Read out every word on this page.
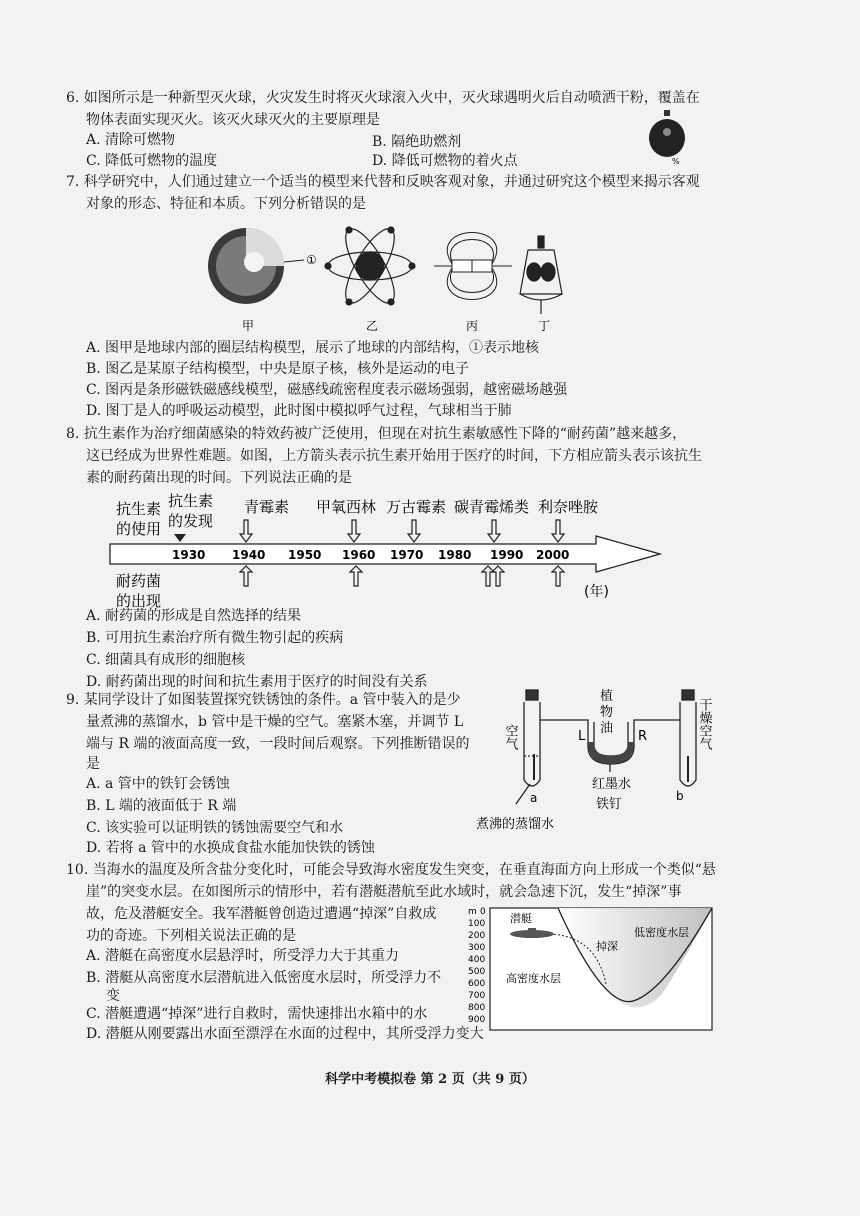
6. 如图所示是一种新型灭火球，火灾发生时将灭火球滚入火中，灭火球遇明火后自动喷洒干粉，覆盖在
物体表面实现灭火。该灭火球灭火的主要原理是
A. 清除可燃物	B. 隔绝助燃剂
C. 降低可燃物的温度	D. 降低可燃物的着火点	%
7. 科学研究中，人们通过建立一个适当的模型来代替和反映客观对象，并通过研究这个模型来揭示客观
对象的形态、特征和本质。下列分析错误的是
①
甲	乙	丙	丁
A. 图甲是地球内部的圈层结构模型，展示了地球的内部结构，①表示地核
B. 图乙是某原子结构模型，中央是原子核，核外是运动的电子
C. 图丙是条形磁铁磁感线模型，磁感线疏密程度表示磁场强弱，越密磁场越强
D. 图丁是人的呼吸运动模型，此时图中模拟呼气过程，气球相当于肺
8. 抗生素作为治疗细菌感染的特效药被广泛使用，但现在对抗生素敏感性下降的“耐药菌”越来越多，
这已经成为世界性难题。如图，上方箭头表示抗生素开始用于医疗的时间，下方相应箭头表示该抗生
素的耐药菌出现的时间。下列说法正确的是
抗生素
的使用
抗生素
的发现
1930 1940 1950 1960 1970 1980 1990 2000
青霉素 甲氧西林 万古霉素 碳青霉烯类 利奈唑胺
耐药菌
的出现	(年)
A. 耐药菌的形成是自然选择的结果
B. 可用抗生素治疗所有微生物引起的疾病
C. 细菌具有成形的细胞核
D. 耐药菌出现的时间和抗生素用于医疗的时间没有关系
9. 某同学设计了如图装置探究铁锈蚀的条件。a 管中装入的是少
量煮沸的蒸馏水，b 管中是干燥的空气。塞紧木塞，并调节 L
端与 R 端的液面高度一致，一段时间后观察。下列推断错误的
是
A. a 管中的铁钉会锈蚀
B. L 端的液面低于 R 端
C. 该实验可以证明铁的锈蚀需要空气和水
D. 若将 a 管中的水换成食盐水能加快铁的锈蚀
空气
植
物
油
L	R	干燥空气
红墨水
铁钉
a	b
煮沸的蒸馏水
10. 当海水的温度及所含盐分变化时，可能会导致海水密度发生突变，在垂直海面方向上形成一个类似“悬
崖”的突变水层。在如图所示的情形中，若有潜艇潜航至此水域时，就会急速下沉，发生“掉深”事
故，危及潜艇安全。我军潜艇曾创造过遭遇“掉深”自救成
功的奇迹。下列相关说法正确的是
A. 潜艇在高密度水层悬浮时，所受浮力大于其重力
B. 潜艇从高密度水层潜航进入低密度水层时，所受浮力不
变
C. 潜艇遭遇“掉深”进行自救时，需快速排出水箱中的水
D. 潜艇从刚要露出水面至漂浮在水面的过程中，其所受浮力变大
m 0
100
200
300
400
500
600
700
800
900
潜艇
掉深
低密度水层
高密度水层
科学中考模拟卷 第 2 页（共 9 页）
